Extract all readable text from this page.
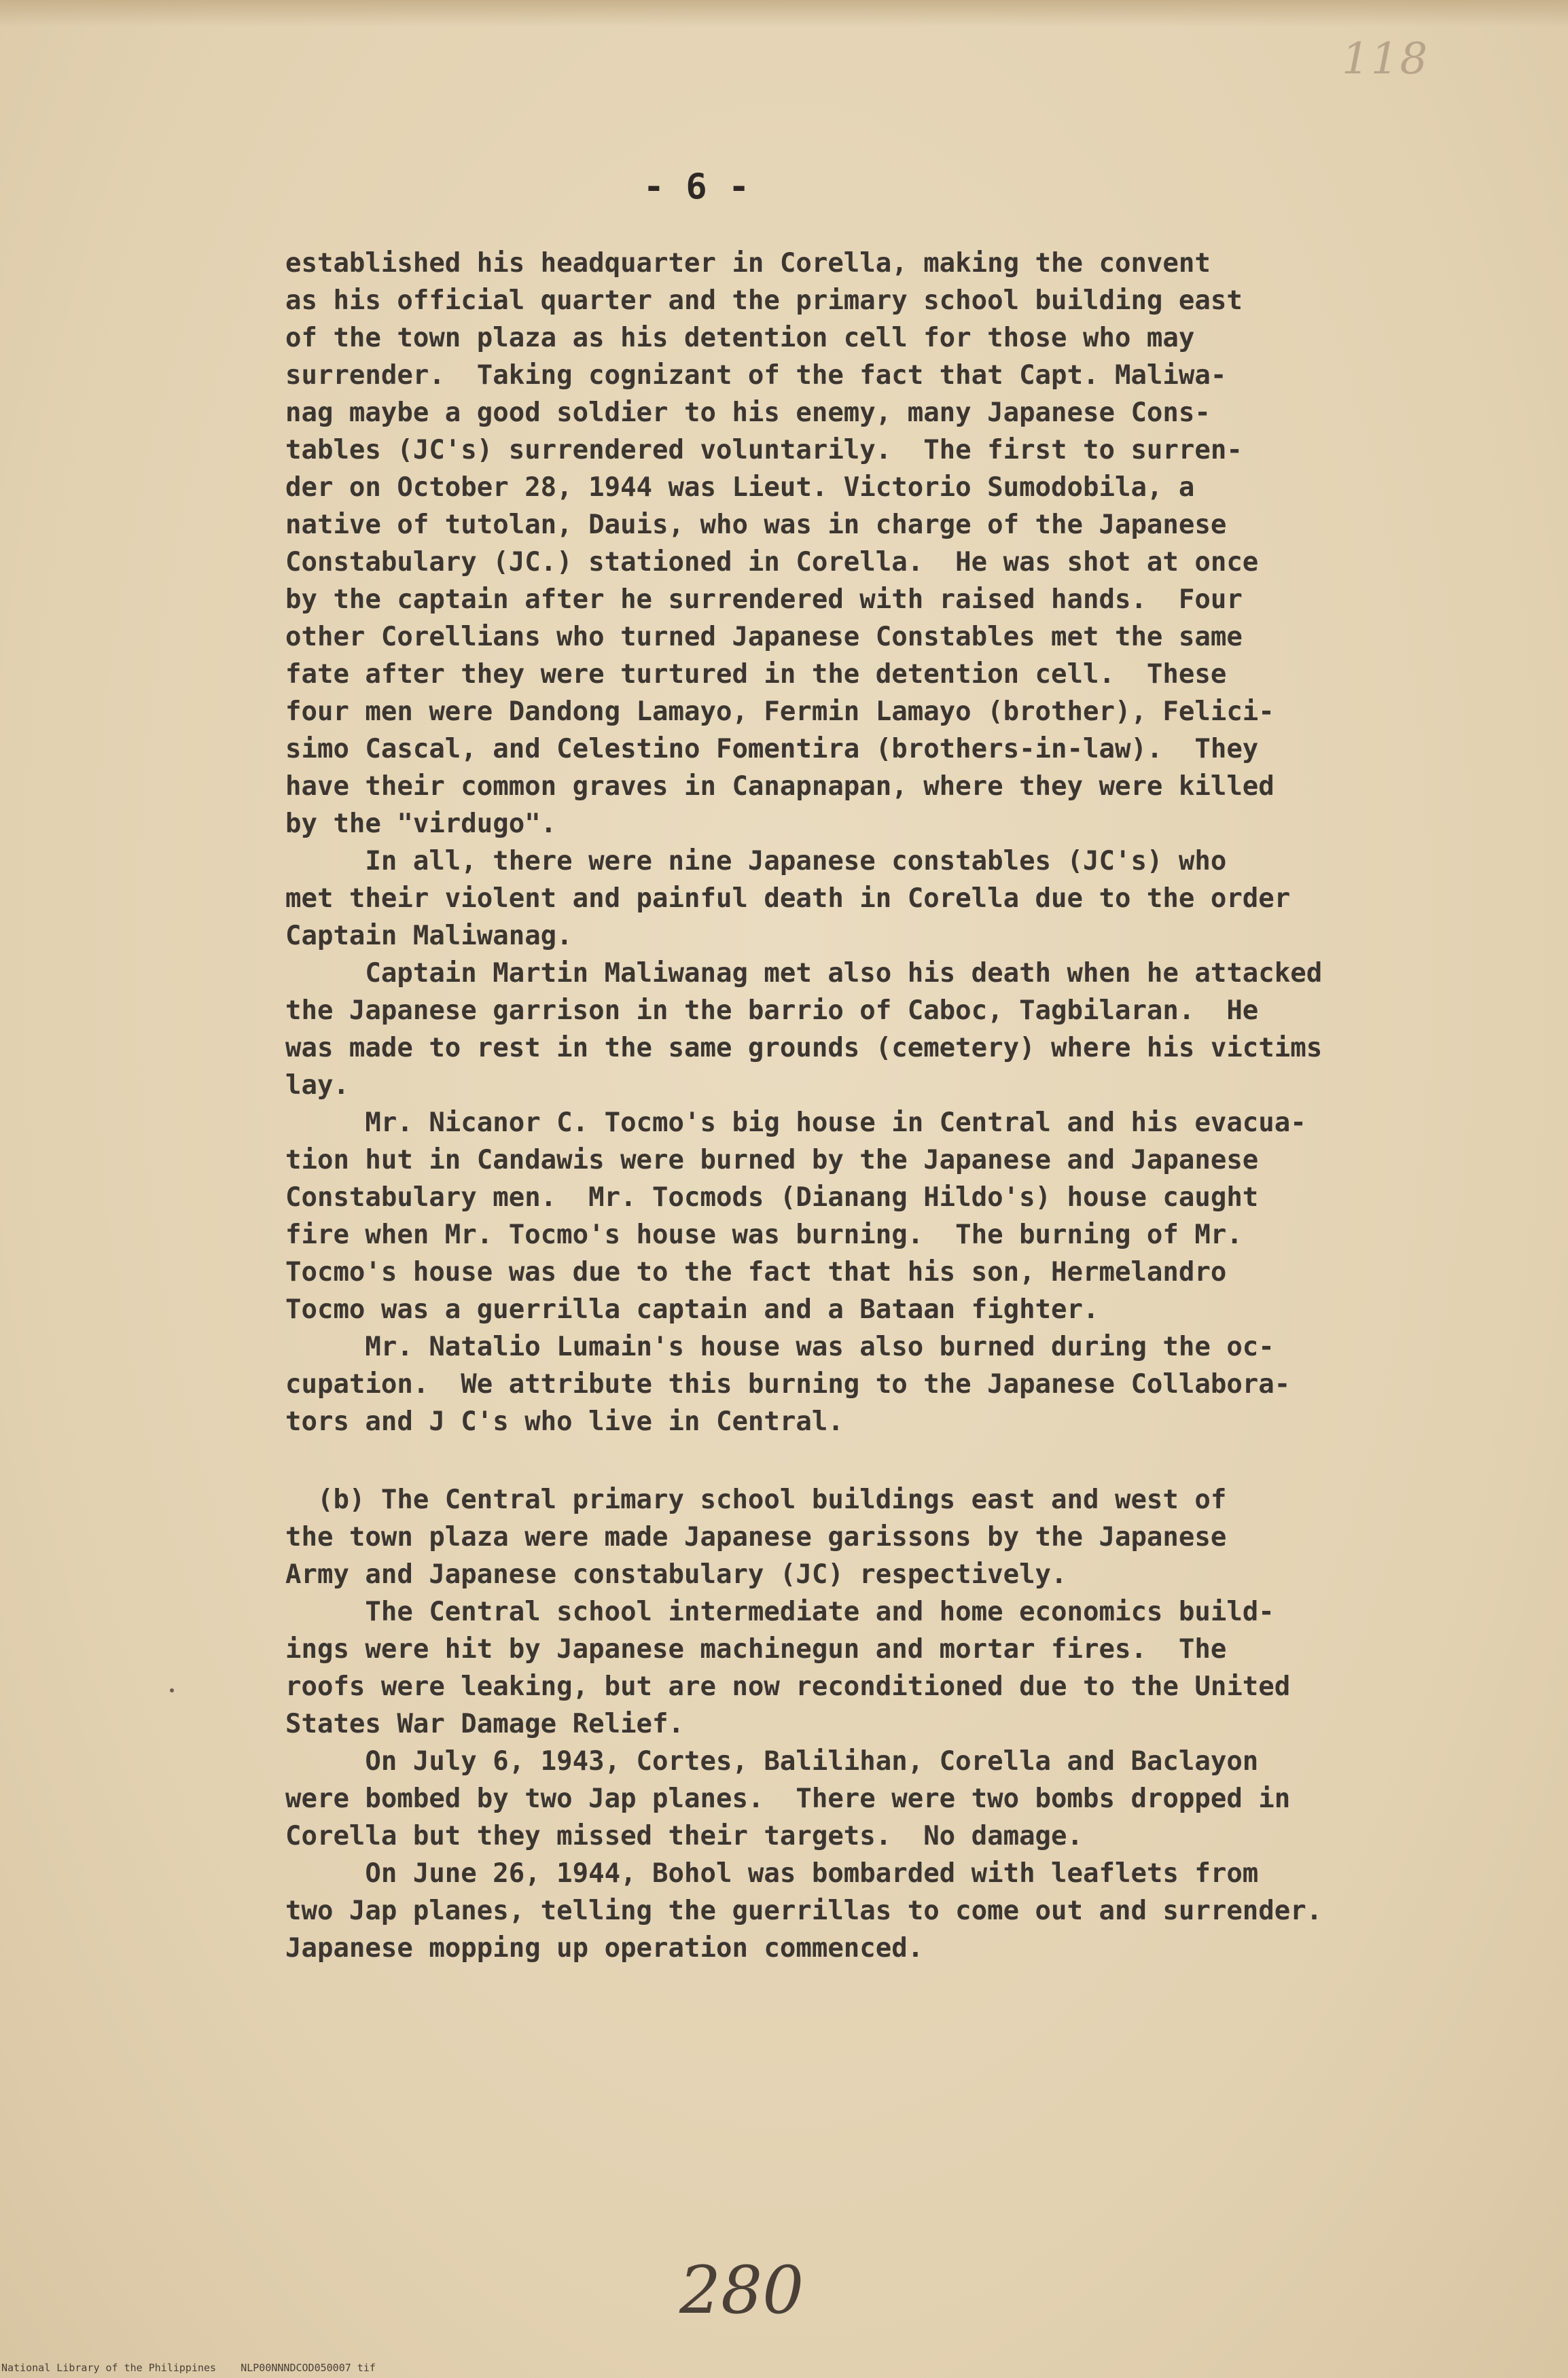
118
- 6 -
established his headquarter in Corella, making the convent
as his official quarter and the primary school building east
of the town plaza as his detention cell for those who may
surrender.  Taking cognizant of the fact that Capt. Maliwa-
nag maybe a good soldier to his enemy, many Japanese Cons-
tables (JC's) surrendered voluntarily.  The first to surren-
der on October 28, 1944 was Lieut. Victorio Sumodobila, a
native of tutolan, Dauis, who was in charge of the Japanese
Constabulary (JC.) stationed in Corella.  He was shot at once
by the captain after he surrendered with raised hands.  Four
other Corellians who turned Japanese Constables met the same
fate after they were turtured in the detention cell.  These
four men were Dandong Lamayo, Fermin Lamayo (brother), Felici-
simo Cascal, and Celestino Fomentira (brothers-in-law).  They
have their common graves in Canapnapan, where they were killed
by the "virdugo".
In all, there were nine Japanese constables (JC's) who
met their violent and painful death in Corella due to the order
Captain Maliwanag.
Captain Martin Maliwanag met also his death when he attacked
the Japanese garrison in the barrio of Caboc, Tagbilaran.  He
was made to rest in the same grounds (cemetery) where his victims
lay.
Mr. Nicanor C. Tocmo's big house in Central and his evacua-
tion hut in Candawis were burned by the Japanese and Japanese
Constabulary men.  Mr. Tocmods (Dianang Hildo's) house caught
fire when Mr. Tocmo's house was burning.  The burning of Mr.
Tocmo's house was due to the fact that his son, Hermelandro
Tocmo was a guerrilla captain and a Bataan fighter.
Mr. Natalio Lumain's house was also burned during the oc-
cupation.  We attribute this burning to the Japanese Collabora-
tors and J C's who live in Central.
(b) The Central primary school buildings east and west of
the town plaza were made Japanese garissons by the Japanese
Army and Japanese constabulary (JC) respectively.
The Central school intermediate and home economics build-
ings were hit by Japanese machinegun and mortar fires.  The
roofs were leaking, but are now reconditioned due to the United
States War Damage Relief.
On July 6, 1943, Cortes, Balilihan, Corella and Baclayon
were bombed by two Jap planes.  There were two bombs dropped in
Corella but they missed their targets.  No damage.
On June 26, 1944, Bohol was bombarded with leaflets from
two Jap planes, telling the guerrillas to come out and surrender.
Japanese mopping up operation commenced.
280
National Library of the Philippines    NLP00NNNDCOD050007 tif
